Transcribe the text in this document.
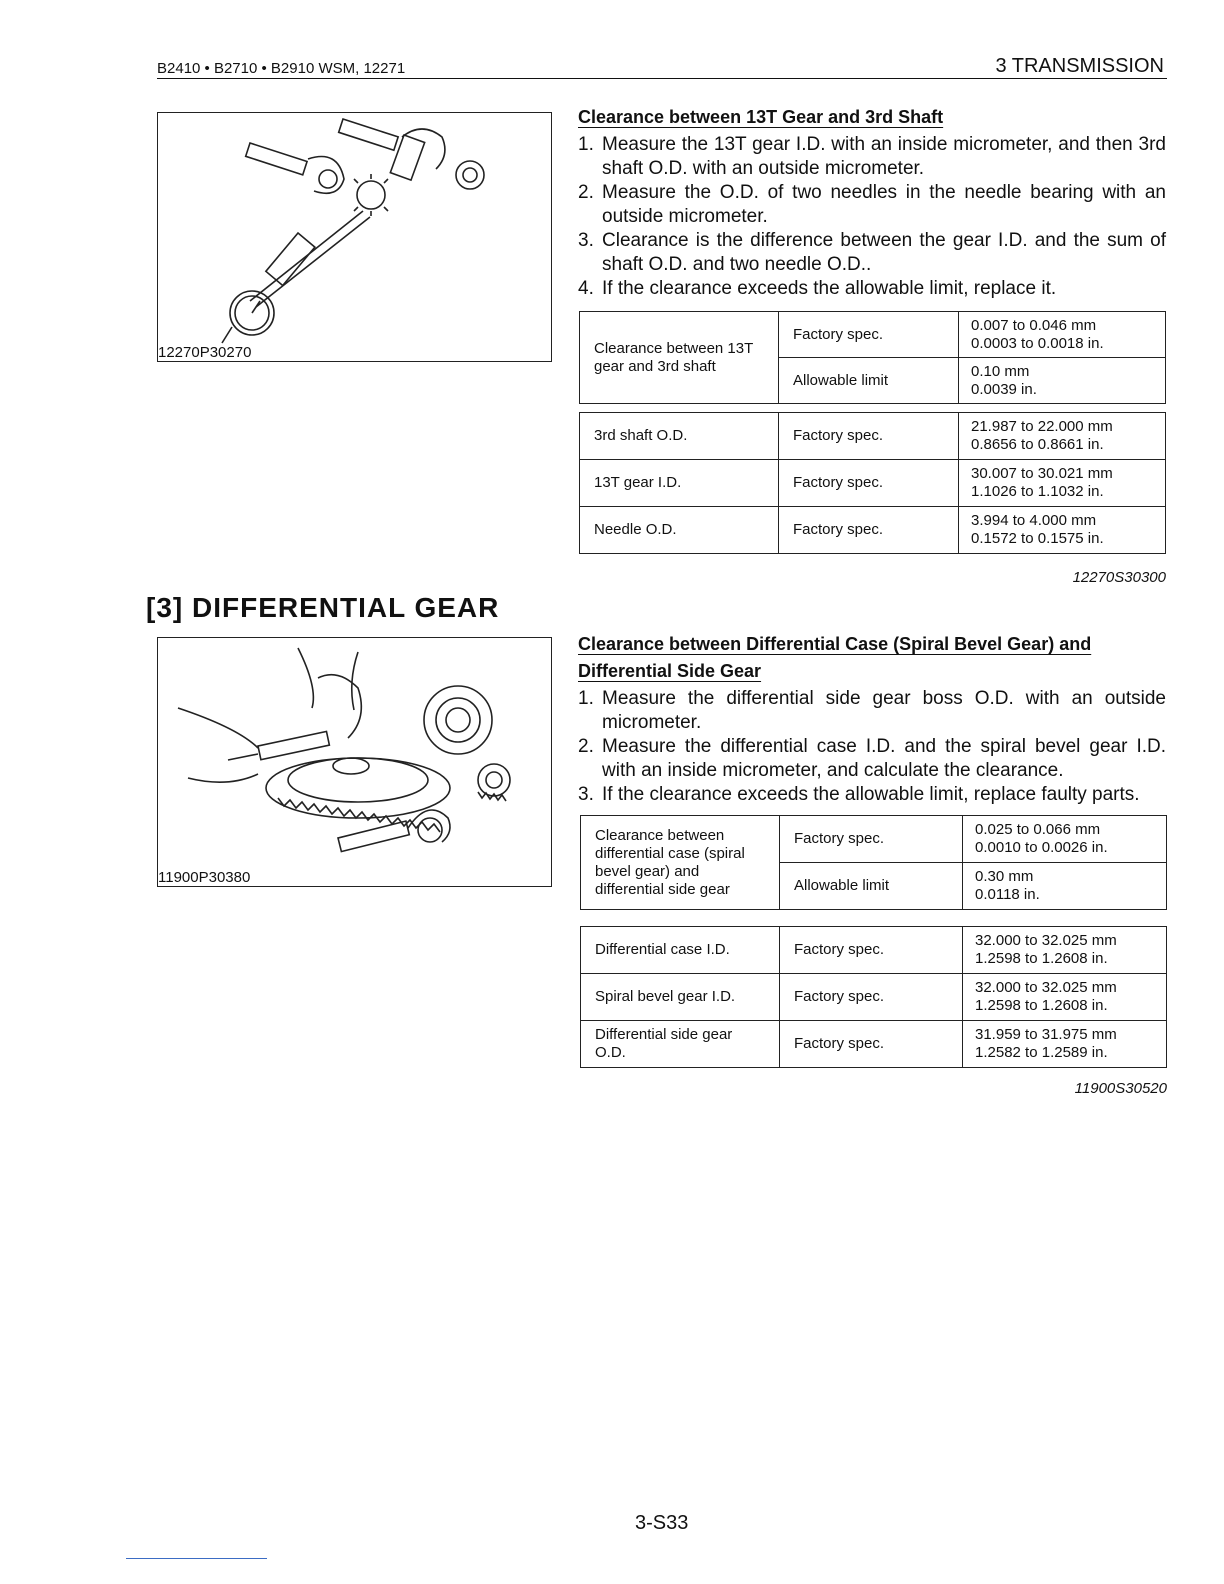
B2410 • B2710 • B2910 WSM, 12271	3 TRANSMISSION
12270P30270
Clearance between 13T Gear and 3rd Shaft
1. Measure the 13T gear I.D. with an inside micrometer, and then 3rd shaft O.D. with an outside micrometer.
2. Measure the O.D. of two needles in the needle bearing with an outside micrometer.
3. Clearance is the difference between the gear I.D. and the sum of shaft O.D. and two needle O.D..
4. If the clearance exceeds the allowable limit, replace it.
Clearance between 13T gear and 3rd shaft	Factory spec.	0.007 to 0.046 mm
0.0003 to 0.0018 in.

	Allowable limit	0.10 mm
0.0039 in.
3rd shaft O.D.	Factory spec.	21.987 to 22.000 mm
0.8656 to 0.8661 in.

13T gear I.D.	Factory spec.	30.007 to 30.021 mm
1.1026 to 1.1032 in.

Needle O.D.	Factory spec.	3.994 to 4.000 mm
0.1572 to 0.1575 in.
12270S30300
[3] DIFFERENTIAL GEAR
11900P30380
Clearance between Differential Case (Spiral Bevel Gear) and
Differential Side Gear
1. Measure the differential side gear boss O.D. with an outside micrometer.
2. Measure the differential case I.D. and the spiral bevel gear I.D. with an inside micrometer, and calculate the clearance.
3. If the clearance exceeds the allowable limit, replace faulty parts.
Clearance between differential case (spiral bevel gear) and differential side gear	Factory spec.	0.025 to 0.066 mm
0.0010 to 0.0026 in.

	Allowable limit	0.30 mm
0.0118 in.
Differential case I.D.	Factory spec.	32.000 to 32.025 mm
1.2598 to 1.2608 in.

Spiral bevel gear I.D.	Factory spec.	32.000 to 32.025 mm
1.2598 to 1.2608 in.

Differential side gear O.D.	Factory spec.	31.959 to 31.975 mm
1.2582 to 1.2589 in.
11900S30520
3-S33
